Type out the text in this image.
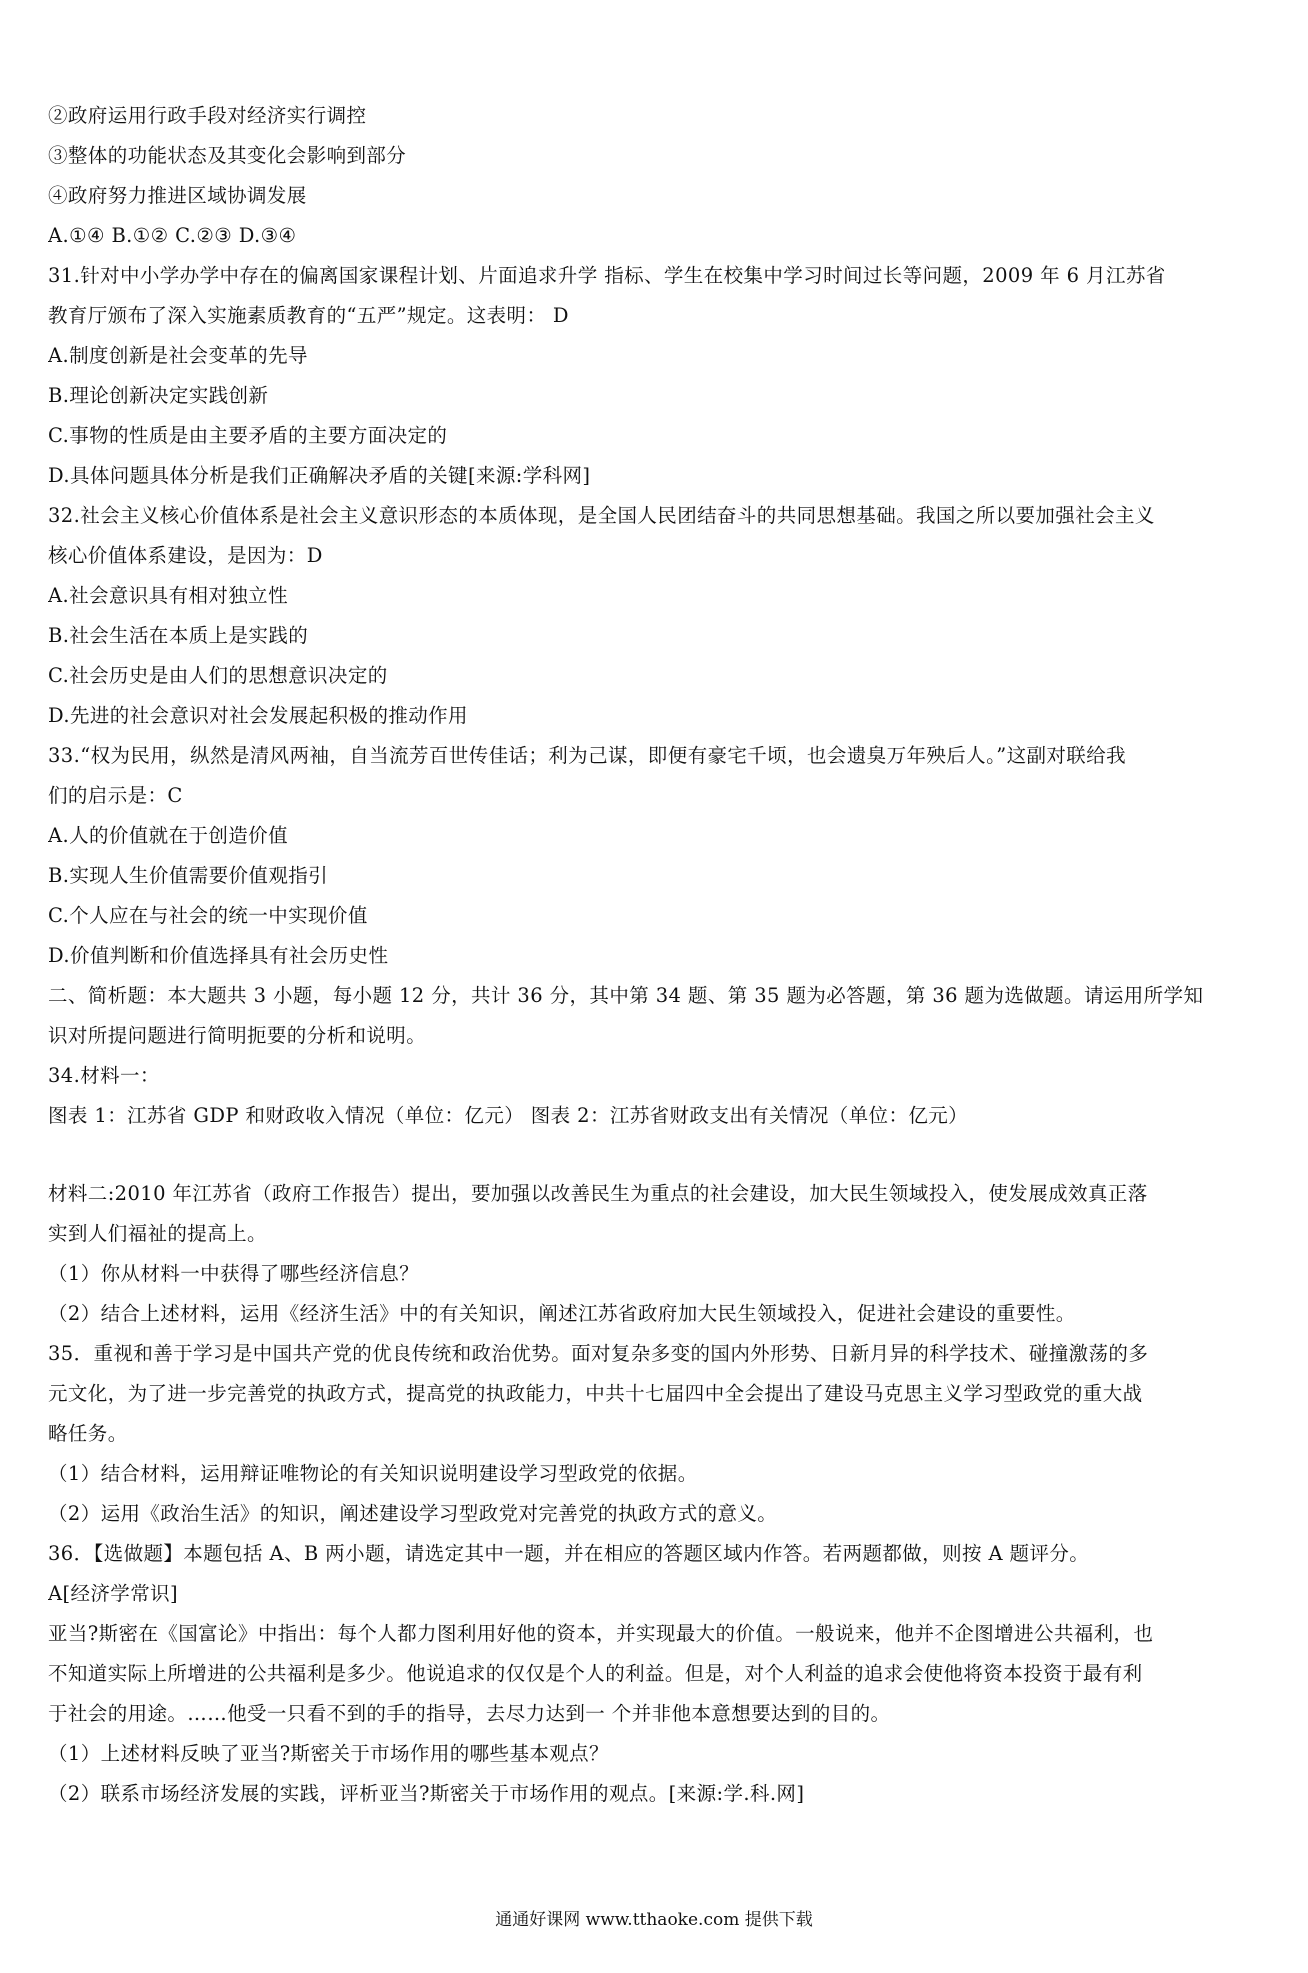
②政府运用行政手段对经济实行调控
③整体的功能状态及其变化会影响到部分
④政府努力推进区域协调发展
A.①④ B.①② C.②③ D.③④
31.针对中小学办学中存在的偏离国家课程计划、片面追求升学 指标、学生在校集中学习时间过长等问题，2009 年 6 月江苏省
教育厅颁布了深入实施素质教育的“五严”规定。这表明： D
A.制度创新是社会变革的先导
B.理论创新决定实践创新
C.事物的性质是由主要矛盾的主要方面决定的
D.具体问题具体分析是我们正确解决矛盾的关键[来源:学科网]
32.社会主义核心价值体系是社会主义意识形态的本质体现，是全国人民团结奋斗的共同思想基础。我国之所以要加强社会主义
核心价值体系建设，是因为：D
A.社会意识具有相对独立性
B.社会生活在本质上是实践的
C.社会历史是由人们的思想意识决定的
D.先进的社会意识对社会发展起积极的推动作用
33.“权为民用，纵然是清风两袖，自当流芳百世传佳话；利为己谋，即便有豪宅千顷，也会遗臭万年殃后人。”这副对联给我
们的启示是：C
A.人的价值就在于创造价值
B.实现人生价值需要价值观指引
C.个人应在与社会的统一中实现价值
D.价值判断和价值选择具有社会历史性
二、简析题：本大题共 3 小题，每小题 12 分，共计 36 分，其中第 34 题、第 35 题为必答题，第 36 题为选做题。请运用所学知
识对所提问题进行简明扼要的分析和说明。
34.材料一：
图表 1：江苏省 GDP 和财政收入情况（单位：亿元） 图表 2：江苏省财政支出有关情况（单位：亿元）
材料二:2010 年江苏省（政府工作报告）提出，要加强以改善民生为重点的社会建设，加大民生领域投入，使发展成效真正落
实到人们福祉的提高上。
（1）你从材料一中获得了哪些经济信息？
（2）结合上述材料，运用《经济生活》中的有关知识，阐述江苏省政府加大民生领域投入，促进社会建设的重要性。
35．重视和善于学习是中国共产党的优良传统和政治优势。面对复杂多变的国内外形势、日新月异的科学技术、碰撞激荡的多
元文化，为了进一步完善党的执政方式，提高党的执政能力，中共十七届四中全会提出了建设马克思主义学习型政党的重大战
略任务。
（1）结合材料，运用辩证唯物论的有关知识说明建设学习型政党的依据。
（2）运用《政治生活》的知识，阐述建设学习型政党对完善党的执政方式的意义。
36．【选做题】本题包括 A、B 两小题，请选定其中一题，并在相应的答题区域内作答。若两题都做，则按 A 题评分。
A[经济学常识]
亚当?斯密在《国富论》中指出：每个人都力图利用好他的资本，并实现最大的价值。一般说来，他并不企图增进公共福利，也
不知道实际上所增进的公共福利是多少。他说追求的仅仅是个人的利益。但是，对个人利益的追求会使他将资本投资于最有利
于社会的用途。……他受一只看不到的手的指导，去尽力达到一 个并非他本意想要达到的目的。
（1）上述材料反映了亚当?斯密关于市场作用的哪些基本观点？
（2）联系市场经济发展的实践，评析亚当?斯密关于市场作用的观点。[来源:学.科.网]
通通好课网 www.tthaoke.com 提供下载
